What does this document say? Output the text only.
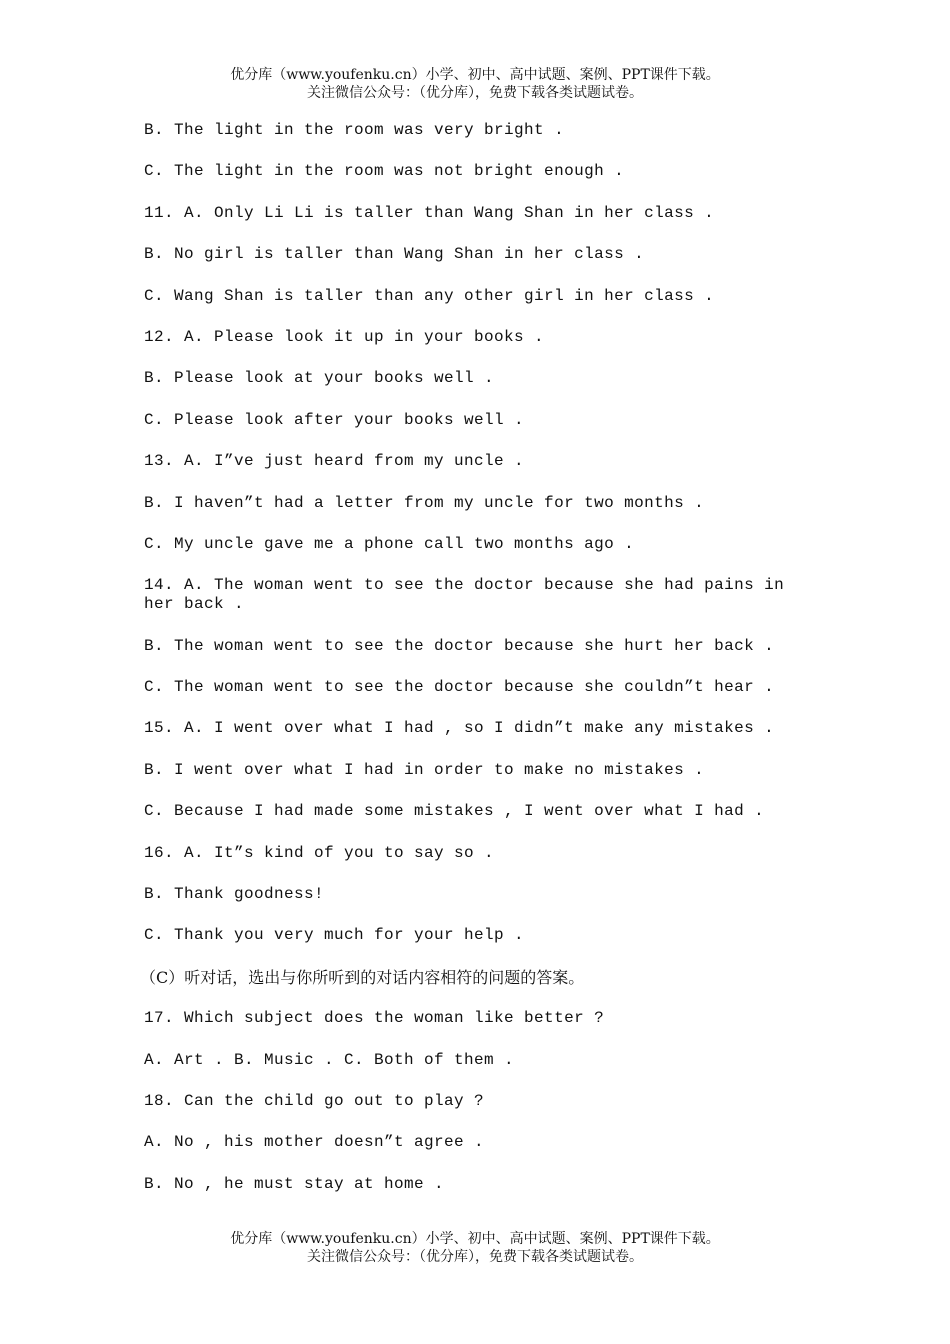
优分库（www.youfenku.cn）小学、初中、高中试题、案例、PPT课件下载。
关注微信公众号：（优分库），免费下载各类试题试卷。

B. The light in the room was very bright .

C. The light in the room was not bright enough .

11. A. Only Li Li is taller than Wang Shan in her class .

B. No girl is taller than Wang Shan in her class .

C. Wang Shan is taller than any other girl in her class .

12. A. Please look it up in your books .

B. Please look at your books well .

C. Please look after your books well .

13. A. I”ve just heard from my uncle .

B. I haven”t had a letter from my uncle for two months .

C. My uncle gave me a phone call two months ago .

14. A. The woman went to see the doctor because she had pains in her back .

B. The woman went to see the doctor because she hurt her back .

C. The woman went to see the doctor because she couldn”t hear .

15. A. I went over what I had , so I didn”t make any mistakes .

B. I went over what I had in order to make no mistakes .

C. Because I had made some mistakes , I went over what I had .

16. A. It”s kind of you to say so .

B. Thank goodness!

C. Thank you very much for your help .

（C）听对话，选出与你所听到的对话内容相符的问题的答案。

17. Which subject does the woman like better ?

A. Art . B. Music . C. Both of them .

18. Can the child go out to play ?

A. No , his mother doesn”t agree .

B. No , he must stay at home .

优分库（www.youfenku.cn）小学、初中、高中试题、案例、PPT课件下载。
关注微信公众号：（优分库），免费下载各类试题试卷。
